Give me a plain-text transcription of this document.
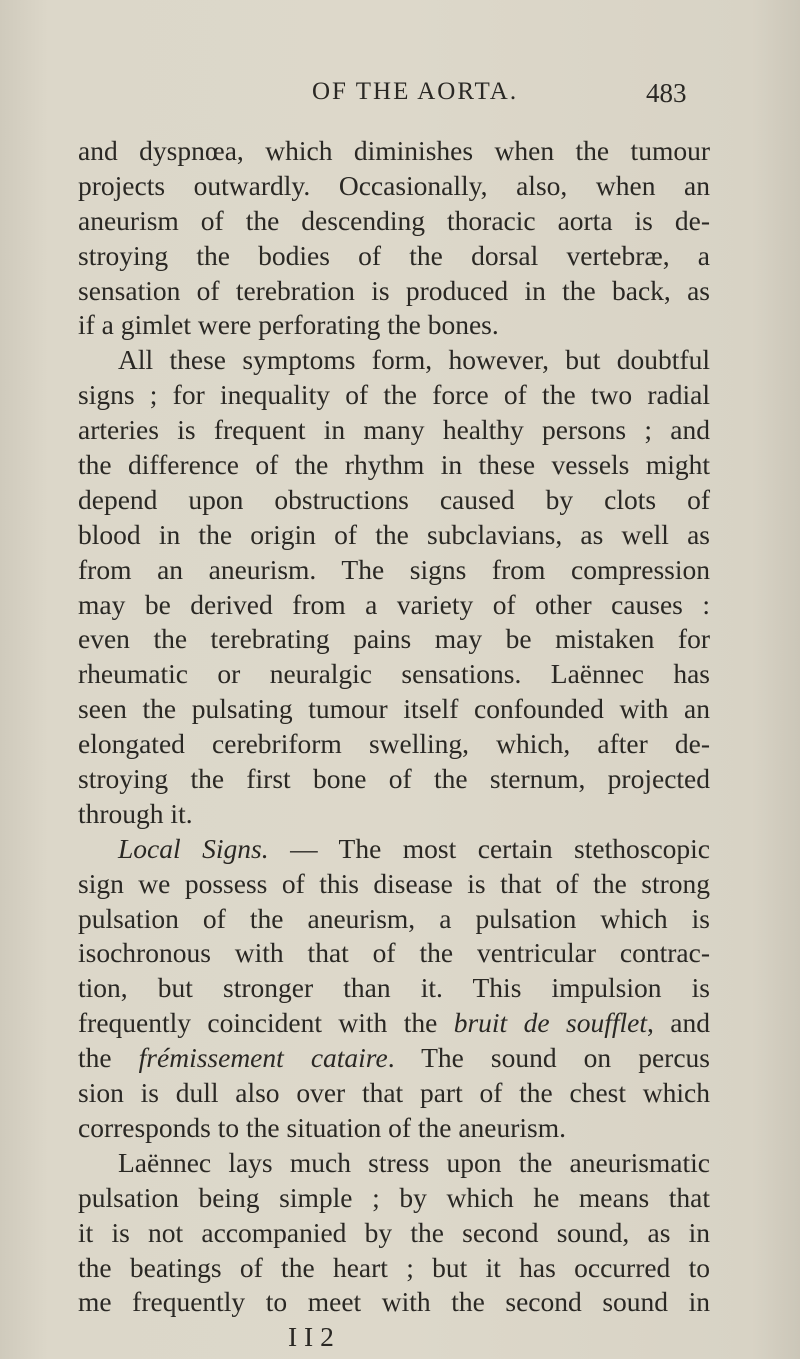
OF THE AORTA.	483
and dyspnœa, which diminishes when the tumour
projects outwardly. Occasionally, also, when an
aneurism of the descending thoracic aorta is de-
stroying the bodies of the dorsal vertebræ, a
sensation of terebration is produced in the back, as
if a gimlet were perforating the bones.
All these symptoms form, however, but doubtful
signs ; for inequality of the force of the two radial
arteries is frequent in many healthy persons ; and
the difference of the rhythm in these vessels might
depend upon obstructions caused by clots of
blood in the origin of the subclavians, as well as
from an aneurism. The signs from compression
may be derived from a variety of other causes :
even the terebrating pains may be mistaken for
rheumatic or neuralgic sensations. Laënnec has
seen the pulsating tumour itself confounded with an
elongated cerebriform swelling, which, after de-
stroying the first bone of the sternum, projected
through it.
Local Signs. — The most certain stethoscopic
sign we possess of this disease is that of the strong
pulsation of the aneurism, a pulsation which is
isochronous with that of the ventricular contrac-
tion, but stronger than it. This impulsion is
frequently coincident with the bruit de soufflet, and
the frémissement cataire. The sound on percus
sion is dull also over that part of the chest which
corresponds to the situation of the aneurism.
Laënnec lays much stress upon the aneurismatic
pulsation being simple ; by which he means that
it is not accompanied by the second sound, as in
the beatings of the heart ; but it has occurred to
me frequently to meet with the second sound in
I I 2
